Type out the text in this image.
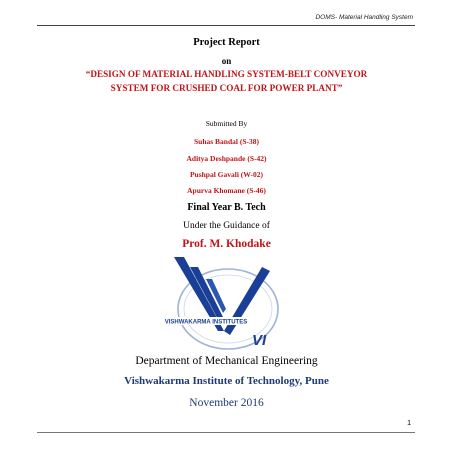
DOMS- Material Handling System
Project Report
on
“DESIGN OF MATERIAL HANDLING SYSTEM-BELT CONVEYOR
SYSTEM FOR CRUSHED COAL FOR POWER PLANT”
Submitted By
Suhas Bandal (S-38)
Aditya Deshpande (S-42)
Pushpal Gavali (W-02)
Apurva Khomane (S-46)
Final Year B. Tech
Under the Guidance of
Prof. M. Khodake
VISHWAKARMA INSTITUTES
VI
Department of Mechanical Engineering
Vishwakarma Institute of Technology, Pune
November 2016
1
